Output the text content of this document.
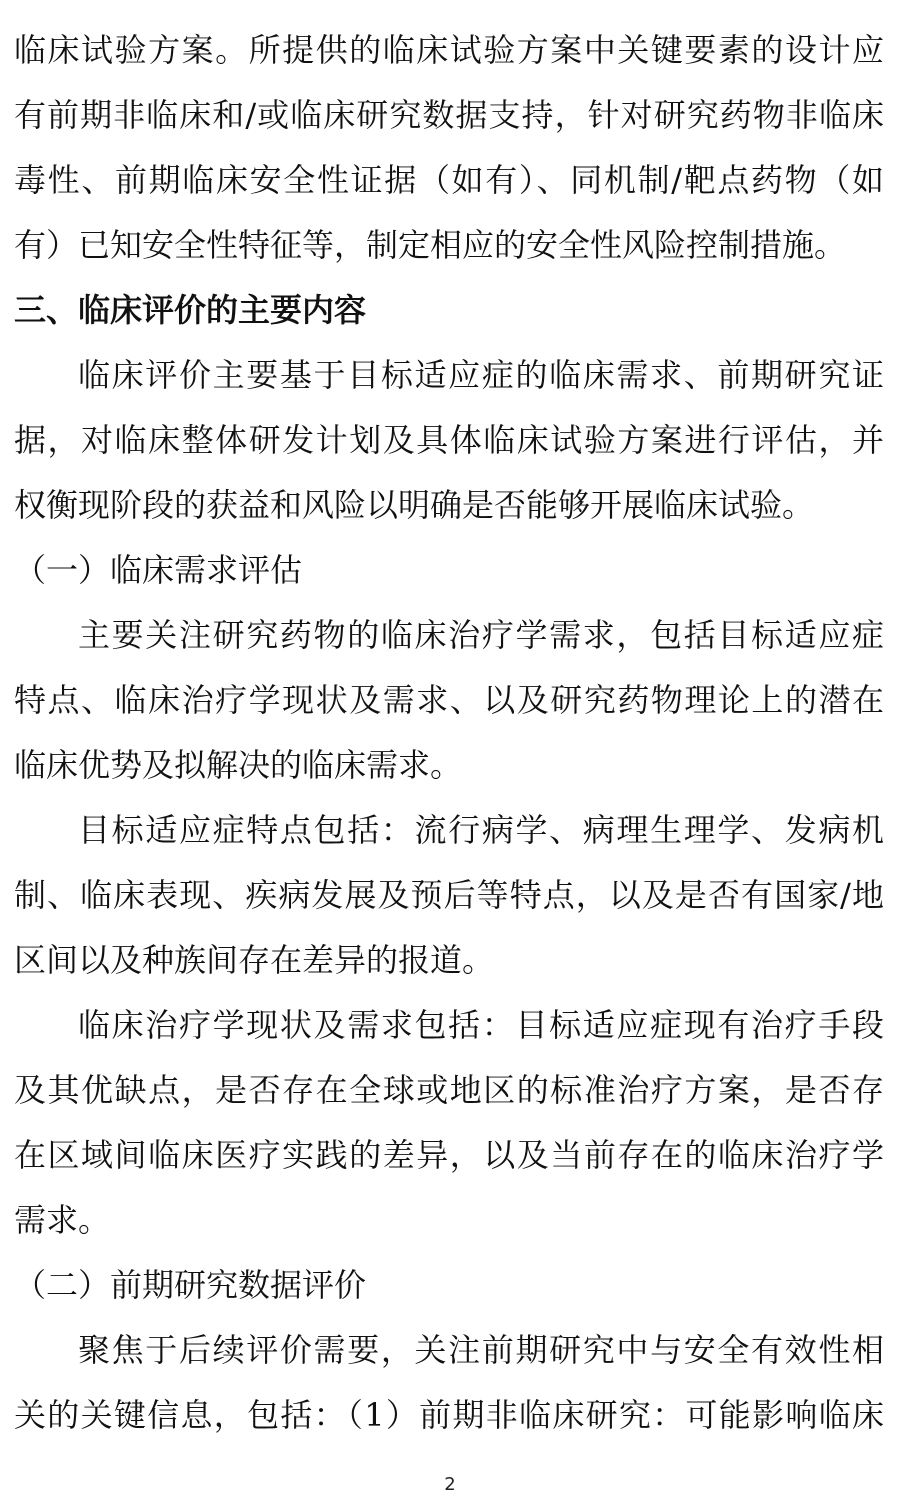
临床试验方案。所提供的临床试验方案中关键要素的设计应
有前期非临床和/或临床研究数据支持，针对研究药物非临床
毒性、前期临床安全性证据（如有）、同机制/靶点药物（如
有）已知安全性特征等，制定相应的安全性风险控制措施。
三、临床评价的主要内容
临床评价主要基于目标适应症的临床需求、前期研究证
据，对临床整体研发计划及具体临床试验方案进行评估，并
权衡现阶段的获益和风险以明确是否能够开展临床试验。
（一）临床需求评估
主要关注研究药物的临床治疗学需求，包括目标适应症
特点、临床治疗学现状及需求、以及研究药物理论上的潜在
临床优势及拟解决的临床需求。
目标适应症特点包括：流行病学、病理生理学、发病机
制、临床表现、疾病发展及预后等特点，以及是否有国家/地
区间以及种族间存在差异的报道。
临床治疗学现状及需求包括：目标适应症现有治疗手段
及其优缺点，是否存在全球或地区的标准治疗方案，是否存
在区域间临床医疗实践的差异，以及当前存在的临床治疗学
需求。
（二）前期研究数据评价
聚焦于后续评价需要，关注前期研究中与安全有效性相
关的关键信息，包括：（1）前期非临床研究：可能影响临床
2
